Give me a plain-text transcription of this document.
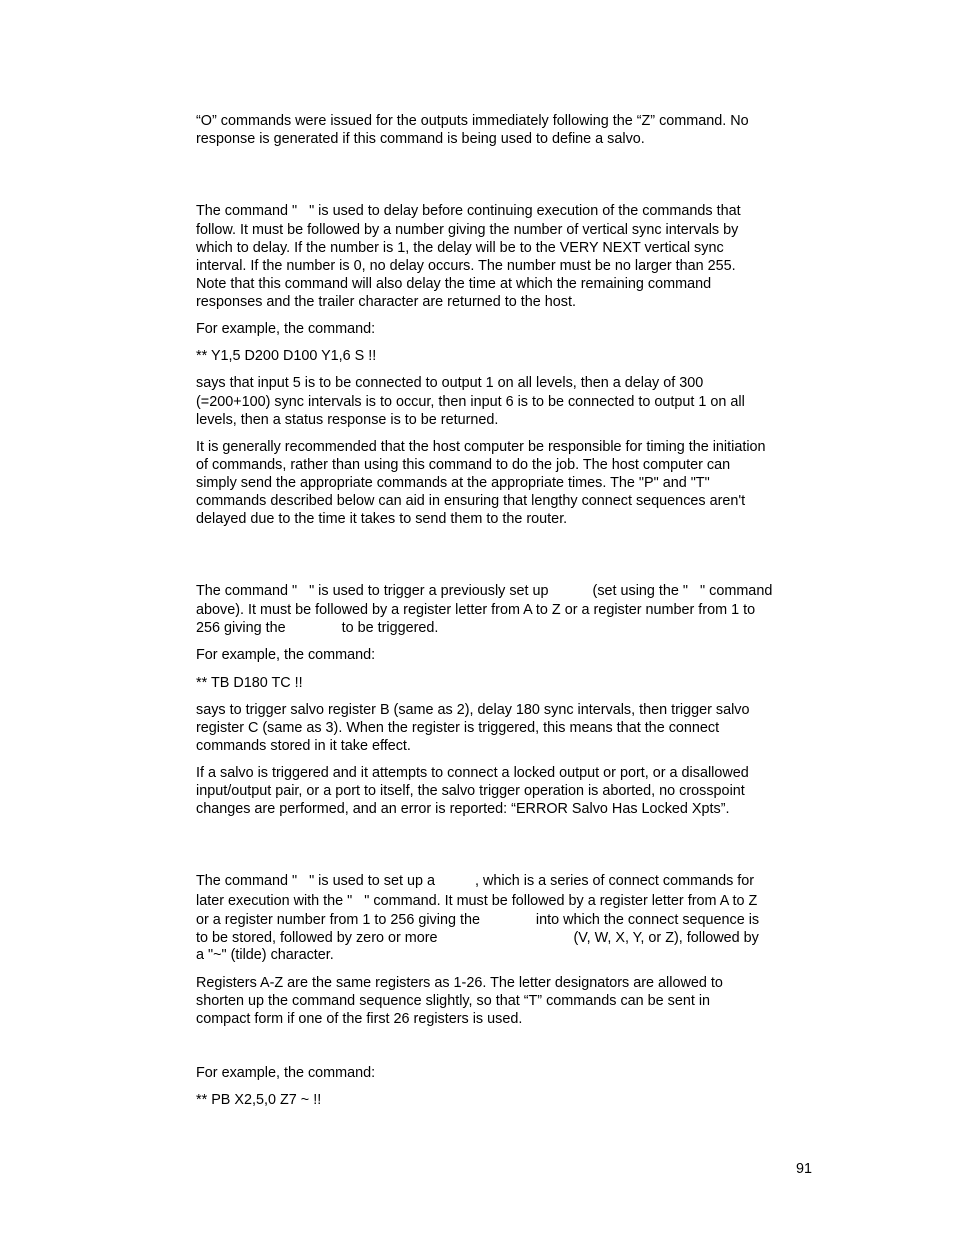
“O” commands were issued for the outputs immediately following the “Z” command. No
response is generated if this command is being used to define a salvo.
The command "   " is used to delay before continuing execution of the commands that
follow. It must be followed by a number giving the number of vertical sync intervals by
which to delay. If the number is 1, the delay will be to the VERY NEXT vertical sync
interval. If the number is 0, no delay occurs. The number must be no larger than 255.
Note that this command will also delay the time at which the remaining command
responses and the trailer character are returned to the host.
For example, the command:
** Y1,5 D200 D100 Y1,6 S !!
says that input 5 is to be connected to output 1 on all levels, then a delay of 300
(=200+100) sync intervals is to occur, then input 6 is to be connected to output 1 on all
levels, then a status response is to be returned.
It is generally recommended that the host computer be responsible for timing the initiation
of commands, rather than using this command to do the job. The host computer can
simply send the appropriate commands at the appropriate times. The "P" and "T"
commands described below can aid in ensuring that lengthy connect sequences aren't
delayed due to the time it takes to send them to the router.
The command "   " is used to trigger a previously set up           (set using the "   " command
above). It must be followed by a register letter from A to Z or a register number from 1 to
256 giving the              to be triggered.
For example, the command:
** TB D180 TC !!
says to trigger salvo register B (same as 2), delay 180 sync intervals, then trigger salvo
register C (same as 3). When the register is triggered, this means that the connect
commands stored in it take effect.
If a salvo is triggered and it attempts to connect a locked output or port, or a disallowed
input/output pair, or a port to itself, the salvo trigger operation is aborted, no crosspoint
changes are performed, and an error is reported: “ERROR Salvo Has Locked Xpts”.
The command "   " is used to set up a          , which is a series of connect commands for
later execution with the "   " command. It must be followed by a register letter from A to Z
or a register number from 1 to 256 giving the              into which the connect sequence is
to be stored, followed by zero or more                                  (V, W, X, Y, or Z), followed by
a "~" (tilde) character.
Registers A-Z are the same registers as 1-26. The letter designators are allowed to
shorten up the command sequence slightly, so that “T” commands can be sent in
compact form if one of the first 26 registers is used.
For example, the command:
** PB X2,5,0 Z7 ~ !!
91
